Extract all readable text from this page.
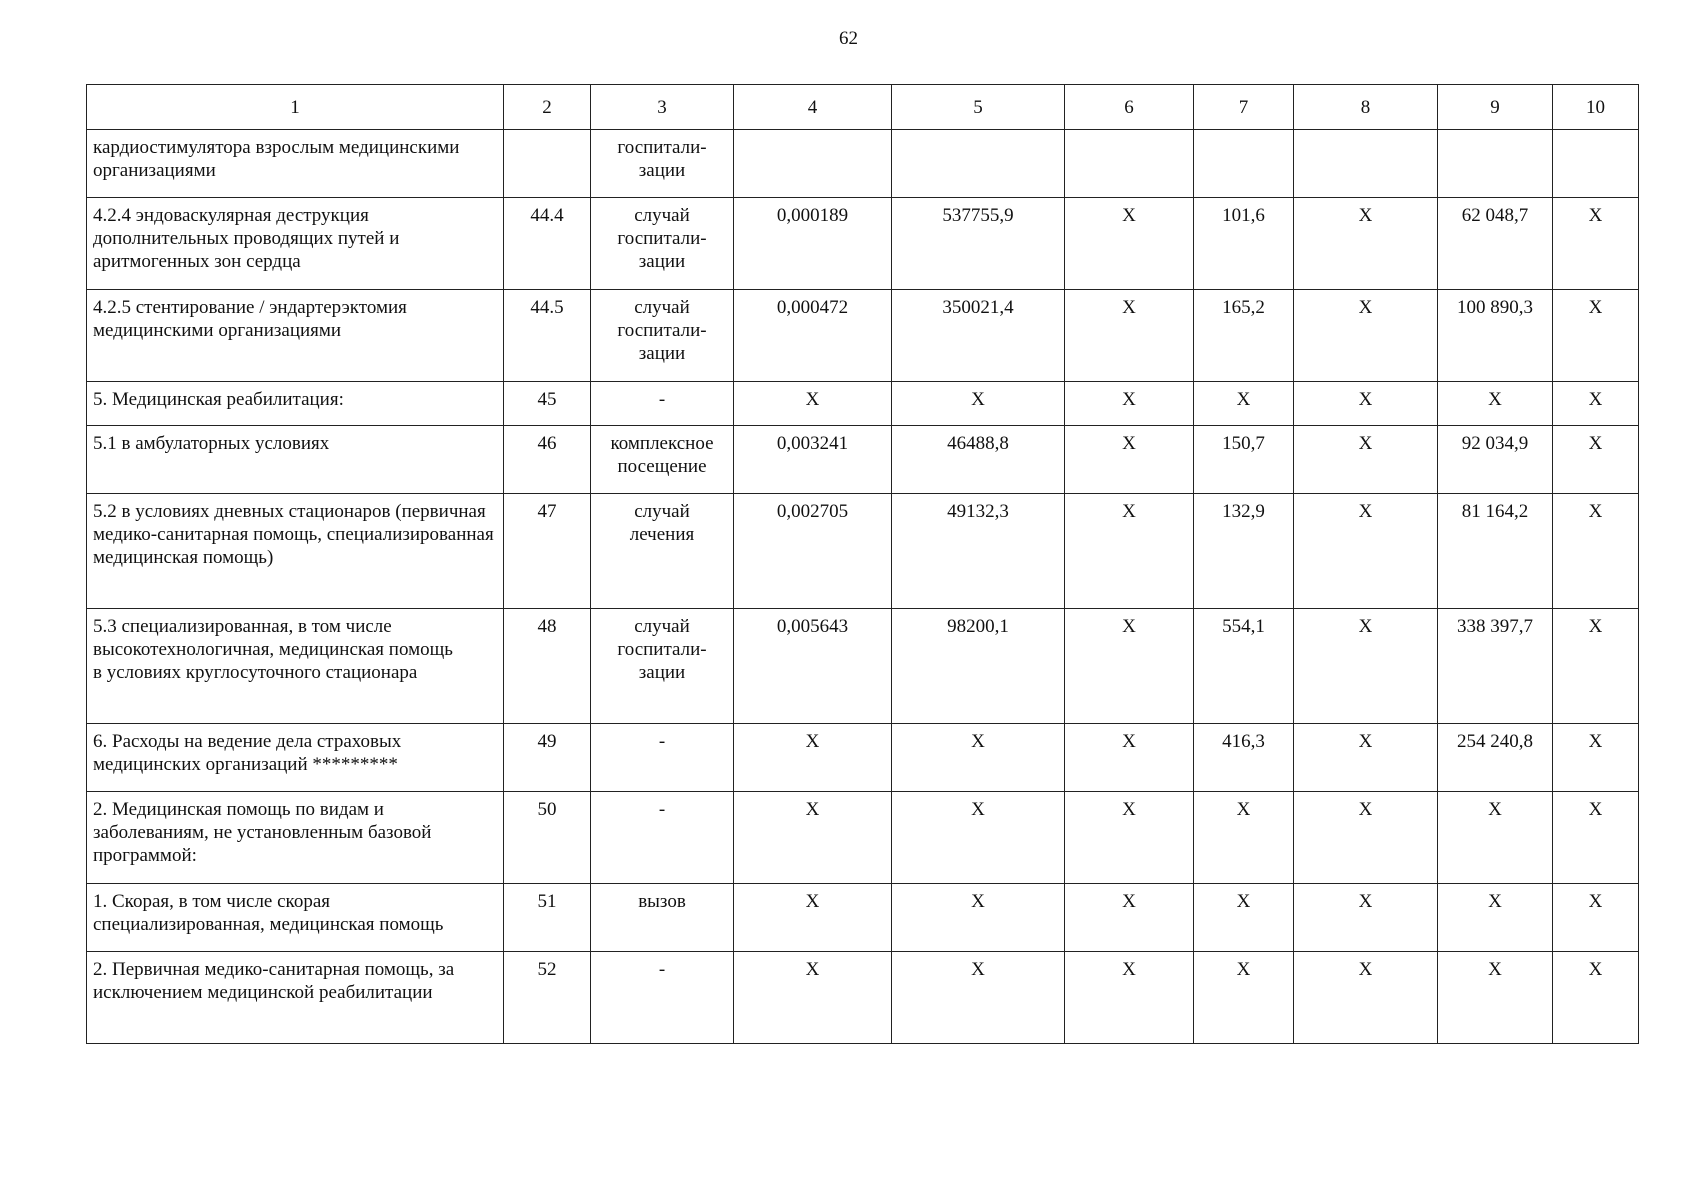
62
1	2	3	4	5	6	7	8	9	10
кардиостимулятора взрослым медицинскими организациями		госпитали-
зации							
4.2.4 эндоваскулярная деструкция дополнительных проводящих путей и аритмогенных зон сердца	44.4	случай
госпитали-
зации	0,000189	537755,9	Х	101,6	Х	62 048,7	Х
4.2.5 стентирование / эндартерэктомия медицинскими организациями	44.5	случай
госпитали-
зации	0,000472	350021,4	Х	165,2	Х	100 890,3	Х
5. Медицинская реабилитация:	45	-	Х	Х	Х	Х	Х	Х	Х
5.1 в амбулаторных условиях	46	комплексное
посещение	0,003241	46488,8	Х	150,7	Х	92 034,9	Х
5.2 в условиях дневных стационаров (первичная медико-санитарная помощь, специализированная медицинская помощь)	47	случай
лечения	0,002705	49132,3	Х	132,9	Х	81 164,2	Х
5.3 специализированная, в том числе высокотехнологичная, медицинская помощь
в условиях круглосуточного стационара	48	случай
госпитали-
зации	0,005643	98200,1	Х	554,1	Х	338 397,7	Х
6. Расходы на ведение дела страховых медицинских организаций *********	49	-	Х	Х	Х	416,3	Х	254 240,8	Х
2. Медицинская помощь по видам и заболеваниям, не установленным базовой программой:	50	-	Х	Х	Х	Х	Х	Х	Х
1. Скорая, в том числе скорая специализированная, медицинская помощь	51	вызов	Х	Х	Х	Х	Х	Х	Х
2. Первичная медико-санитарная помощь, за исключением медицинской реабилитации	52	-	Х	Х	Х	Х	Х	Х	Х
